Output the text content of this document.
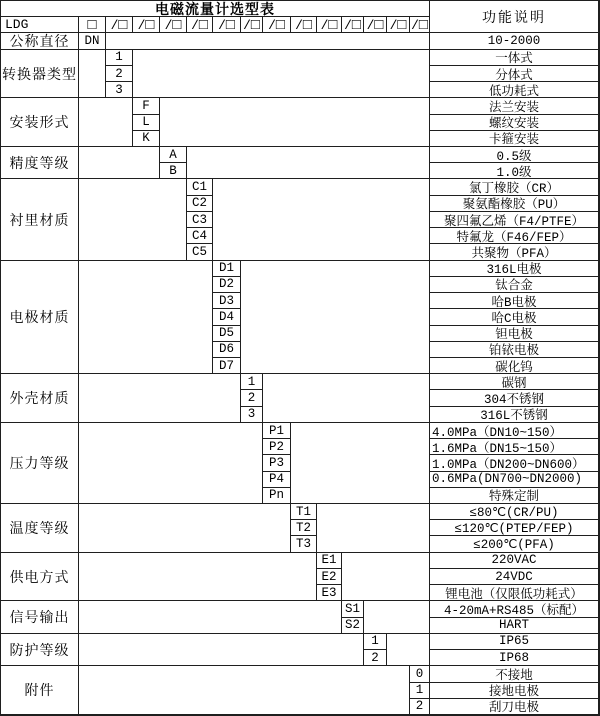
电磁流量计选型表
功能说明
LDG	□ / □ / □ / □ / □ / □ / □ / □ / □ / □ / □ / □ / □ / □
公称直径	DN	10-2000
转换器类型
1	一体式
2	分体式
3	低功耗式
安装形式
F	法兰安装
L	螺纹安装
K	卡箍安装
精度等级
A	0.5级
B	1.0级
衬里材质
C1	氯丁橡胶（CR）
C2	聚氨酯橡胶（PU）
C3	聚四氟乙烯（F4/PTFE）
C4	特氟龙（F46/FEP）
C5	共聚物（PFA）
电极材质
D1	316L电极
D2	钛合金
D3	哈B电极
D4	哈C电极
D5	钽电极
D6	铂铱电极
D7	碳化钨
外壳材质
1	碳钢
2	304不锈钢
3	316L不锈钢
压力等级
P1	4.0MPa（DN10~150）
P2	1.6MPa（DN15~150）
P3	1.0MPa（DN200~DN600）
P4	0.6MPa(DN700~DN2000)
Pn	特殊定制
温度等级
T1	≤80℃(CR/PU)
T2	≤120℃(PTEP/FEP)
T3	≤200℃(PFA)
供电方式
E1	220VAC
E2	24VDC
E3	锂电池（仅限低功耗式）
信号输出
S1	4-20mA+RS485（标配）
S2	HART
防护等级
1	IP65
2	IP68
附件
0	不接地
1	接地电极
2	刮刀电极
